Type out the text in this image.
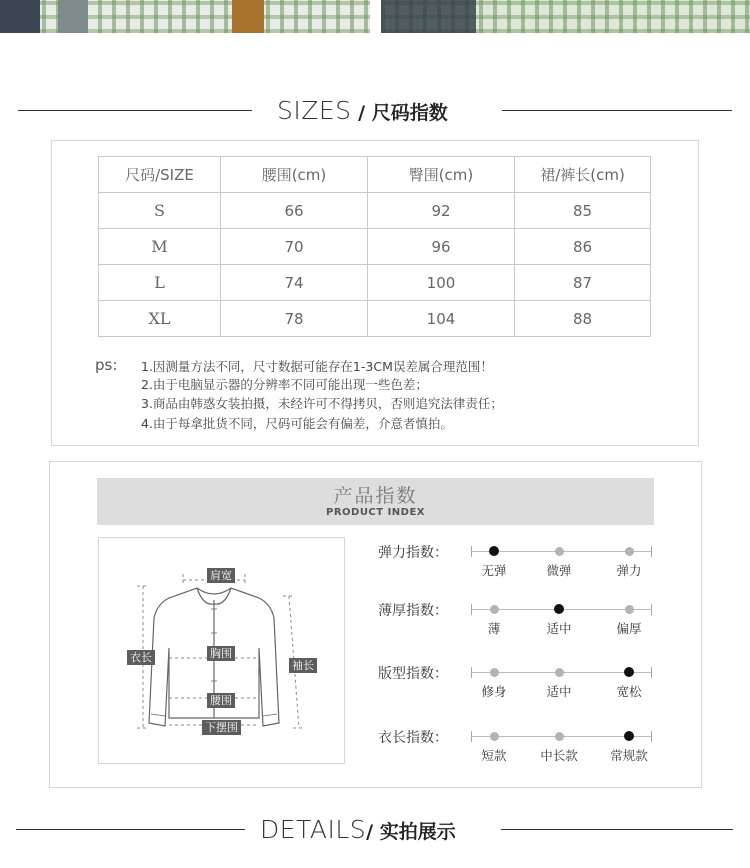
SIZES / 尺码指数
尺码/SIZE	腰围(cm)	臀围(cm)	裙/裤长(cm)
S	66	92	85
M	70	96	86
L	74	100	87
XL	78	104	88
ps: 1.因测量方法不同，尺寸数据可能存在1-3CM误差属合理范围！
2.由于电脑显示器的分辨率不同可能出现一些色差；
3.商品由韩惑女装拍摄，未经许可不得拷贝，否则追究法律责任；
4.由于每拿批货不同，尺码可能会有偏差，介意者慎拍。
产品指数
PRODUCT INDEX
肩宽
衣长	胸围
袖长
腰围
下摆围
弹力指数：
无弹	微弹	弹力
薄厚指数：
薄	适中	偏厚
版型指数：
修身	适中	宽松
衣长指数：
短款	中长款	常规款
DETAILS/ 实拍展示
